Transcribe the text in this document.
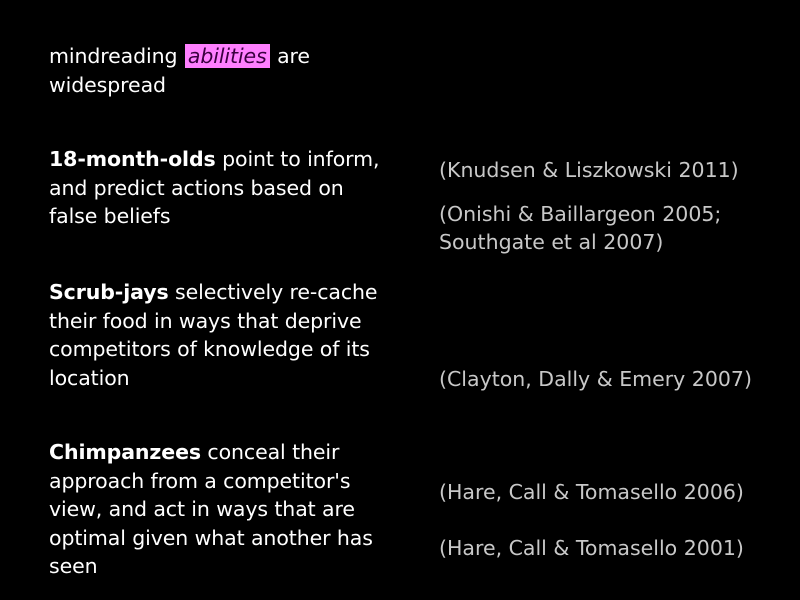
mindreading abilities are widespread
18-month-olds point to inform, and predict actions based on false beliefs
Scrub-jays selectively re-cache their food in ways that deprive competitors of knowledge of its location
Chimpanzees conceal their approach from a competitor's view, and act in ways that are optimal given what another has seen
(Knudsen & Liszkowski 2011)
(Onishi & Baillargeon 2005; Southgate et al 2007)
(Clayton, Dally & Emery 2007)
(Hare, Call & Tomasello 2006)
(Hare, Call & Tomasello 2001)
